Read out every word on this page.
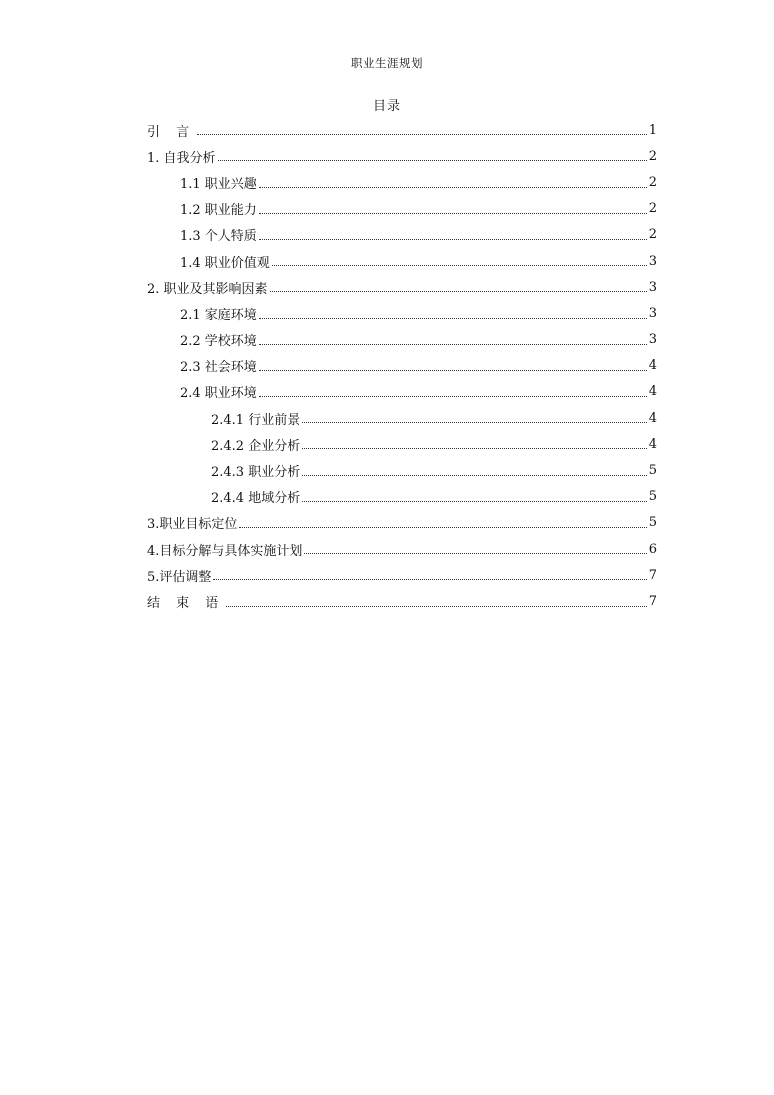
职业生涯规划
目录
引 言	1
1. 自我分析	2
1.1 职业兴趣	2
1.2 职业能力	2
1.3 个人特质	2
1.4 职业价值观	3
2. 职业及其影响因素	3
2.1 家庭环境	3
2.2 学校环境	3
2.3 社会环境	4
2.4 职业环境	4
2.4.1 行业前景	4
2.4.2 企业分析	4
2.4.3 职业分析	5
2.4.4 地域分析	5
3.职业目标定位	5
4.目标分解与具体实施计划	6
5.评估调整	7
结 束 语	7
